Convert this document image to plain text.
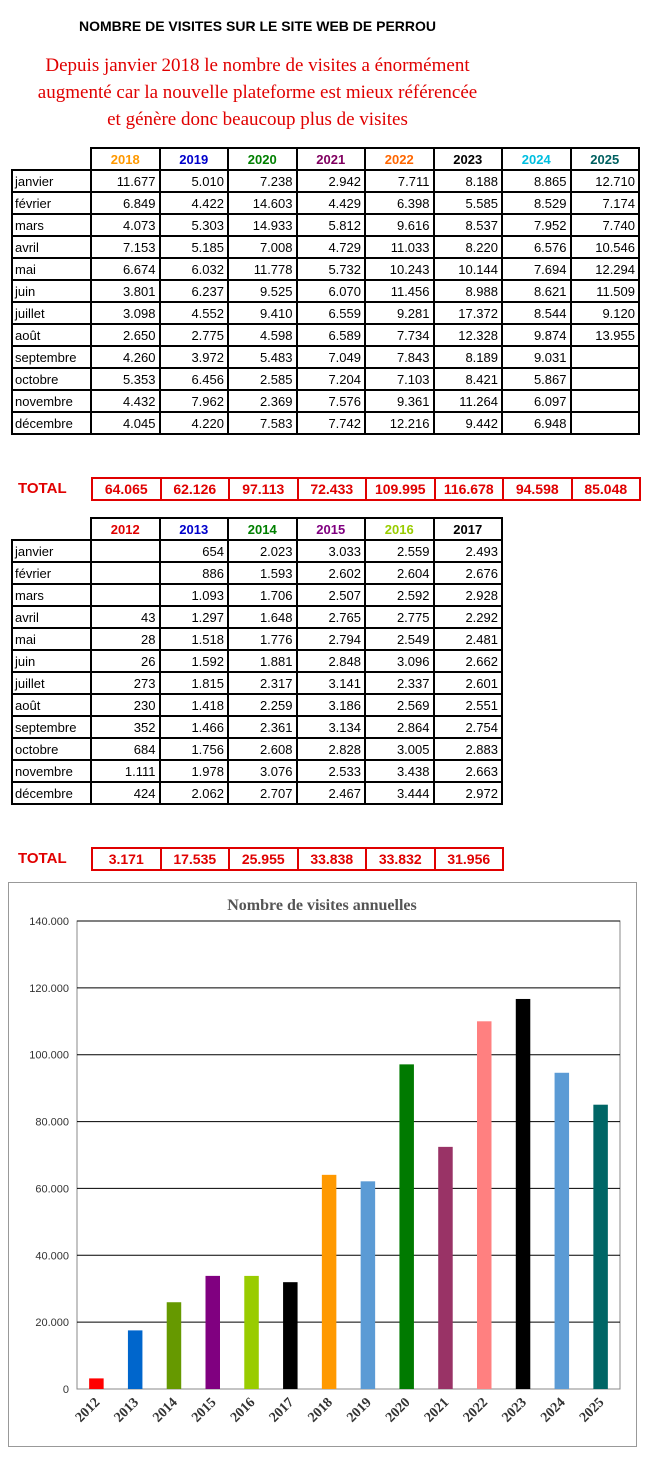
NOMBRE DE VISITES SUR LE SITE WEB DE PERROU
Depuis janvier 2018 le nombre de visites a énormément
augmenté car la nouvelle plateforme est mieux référencée
et génère donc beaucoup plus de visites
	2018	2019	2020	2021	2022	2023	2024	2025
janvier	11.677	5.010	7.238	2.942	7.711	8.188	8.865	12.710
février	6.849	4.422	14.603	4.429	6.398	5.585	8.529	7.174
mars	4.073	5.303	14.933	5.812	9.616	8.537	7.952	7.740
avril	7.153	5.185	7.008	4.729	11.033	8.220	6.576	10.546
mai	6.674	6.032	11.778	5.732	10.243	10.144	7.694	12.294
juin	3.801	6.237	9.525	6.070	11.456	8.988	8.621	11.509
juillet	3.098	4.552	9.410	6.559	9.281	17.372	8.544	9.120
août	2.650	2.775	4.598	6.589	7.734	12.328	9.874	13.955
septembre	4.260	3.972	5.483	7.049	7.843	8.189	9.031	
octobre	5.353	6.456	2.585	7.204	7.103	8.421	5.867	
novembre	4.432	7.962	2.369	7.576	9.361	11.264	6.097	
décembre	4.045	4.220	7.583	7.742	12.216	9.442	6.948	
TOTAL	64.065	62.126	97.113	72.433	109.995	116.678	94.598	85.048
	2012	2013	2014	2015	2016	2017
janvier		654	2.023	3.033	2.559	2.493
février		886	1.593	2.602	2.604	2.676
mars		1.093	1.706	2.507	2.592	2.928
avril	43	1.297	1.648	2.765	2.775	2.292
mai	28	1.518	1.776	2.794	2.549	2.481
juin	26	1.592	1.881	2.848	3.096	2.662
juillet	273	1.815	2.317	3.141	2.337	2.601
août	230	1.418	2.259	3.186	2.569	2.551
septembre	352	1.466	2.361	3.134	2.864	2.754
octobre	684	1.756	2.608	2.828	3.005	2.883
novembre	1.111	1.978	3.076	2.533	3.438	2.663
décembre	424	2.062	2.707	2.467	3.444	2.972
TOTAL	3.171	17.535	25.955	33.838	33.832	31.956
Nombre de visites annuelles
0
20.000
40.000
60.000
80.000
100.000
120.000
140.000
2012 2013 2014 2015 2016 2017 2018 2019 2020 2021 2022 2023 2024 2025
